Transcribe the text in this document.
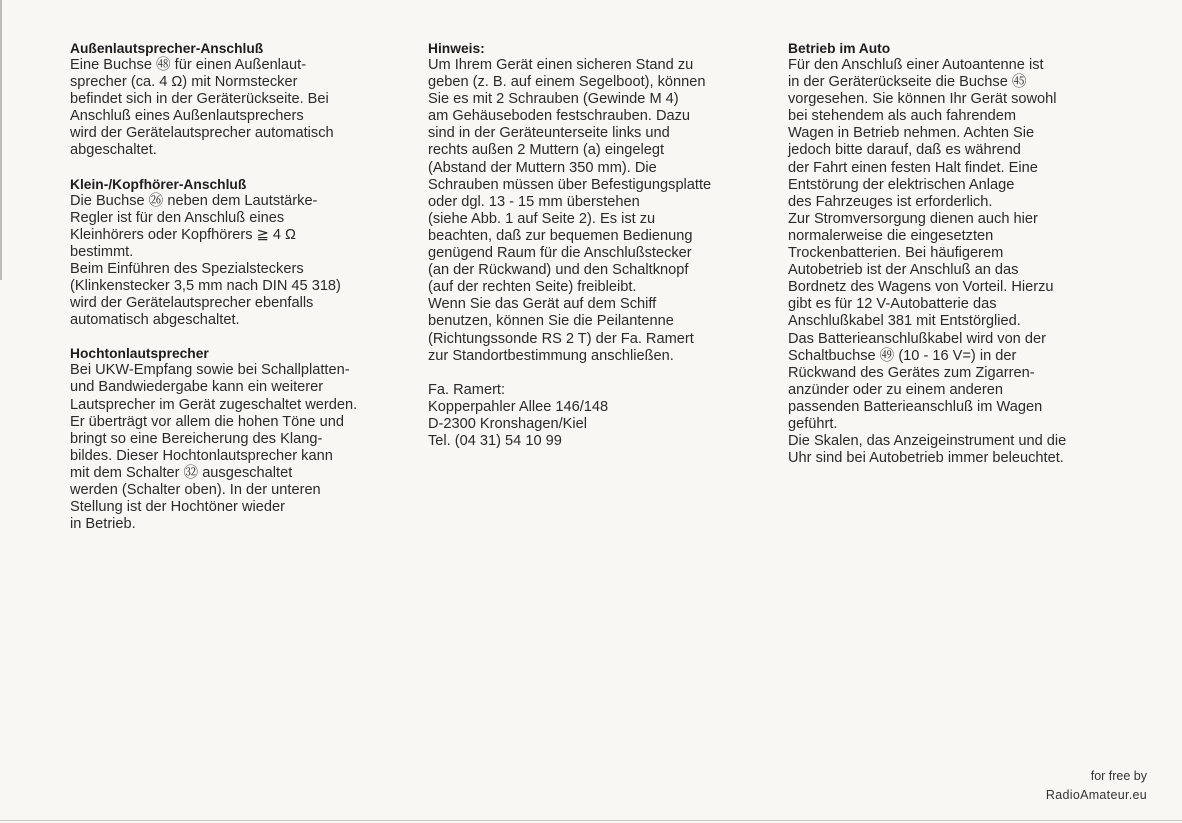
Außenlautsprecher-Anschluß
Eine Buchse ㊽ für einen Außenlaut-
sprecher (ca. 4 Ω) mit Normstecker
befindet sich in der Geräterückseite. Bei
Anschluß eines Außenlautsprechers
wird der Gerätelautsprecher automatisch
abgeschaltet.
Klein-/Kopfhörer-Anschluß
Die Buchse ㉖ neben dem Lautstärke-
Regler ist für den Anschluß eines
Kleinhörers oder Kopfhörers ≧ 4 Ω
bestimmt.
Beim Einführen des Spezialsteckers
(Klinkenstecker 3,5 mm nach DIN 45 318)
wird der Gerätelautsprecher ebenfalls
automatisch abgeschaltet.
Hochtonlautsprecher
Bei UKW-Empfang sowie bei Schallplatten-
und Bandwiedergabe kann ein weiterer
Lautsprecher im Gerät zugeschaltet werden.
Er überträgt vor allem die hohen Töne und
bringt so eine Bereicherung des Klang-
bildes. Dieser Hochtonlautsprecher kann
mit dem Schalter ㉜ ausgeschaltet
werden (Schalter oben). In der unteren
Stellung ist der Hochtöner wieder
in Betrieb.
Hinweis:
Um Ihrem Gerät einen sicheren Stand zu
geben (z. B. auf einem Segelboot), können
Sie es mit 2 Schrauben (Gewinde M 4)
am Gehäuseboden festschrauben. Dazu
sind in der Geräteunterseite links und
rechts außen 2 Muttern (a) eingelegt
(Abstand der Muttern 350 mm). Die
Schrauben müssen über Befestigungsplatte
oder dgl. 13 - 15 mm überstehen
(siehe Abb. 1 auf Seite 2). Es ist zu
beachten, daß zur bequemen Bedienung
genügend Raum für die Anschlußstecker
(an der Rückwand) und den Schaltknopf
(auf der rechten Seite) freibleibt.
Wenn Sie das Gerät auf dem Schiff
benutzen, können Sie die Peilantenne
(Richtungssonde RS 2 T) der Fa. Ramert
zur Standortbestimmung anschließen.
Fa. Ramert:
Kopperpahler Allee 146/148
D-2300 Kronshagen/Kiel
Tel. (04 31) 54 10 99
Betrieb im Auto
Für den Anschluß einer Autoantenne ist
in der Geräterückseite die Buchse ㊺
vorgesehen. Sie können Ihr Gerät sowohl
bei stehendem als auch fahrendem
Wagen in Betrieb nehmen. Achten Sie
jedoch bitte darauf, daß es während
der Fahrt einen festen Halt findet. Eine
Entstörung der elektrischen Anlage
des Fahrzeuges ist erforderlich.
Zur Stromversorgung dienen auch hier
normalerweise die eingesetzten
Trockenbatterien. Bei häufigerem
Autobetrieb ist der Anschluß an das
Bordnetz des Wagens von Vorteil. Hierzu
gibt es für 12 V-Autobatterie das
Anschlußkabel 381 mit Entstörglied.
Das Batterieanschlußkabel wird von der
Schaltbuchse ㊾ (10 - 16 V=) in der
Rückwand des Gerätes zum Zigarren-
anzünder oder zu einem anderen
passenden Batterieanschluß im Wagen
geführt.
Die Skalen, das Anzeigeinstrument und die
Uhr sind bei Autobetrieb immer beleuchtet.
for free by
RadioAmateur.eu
